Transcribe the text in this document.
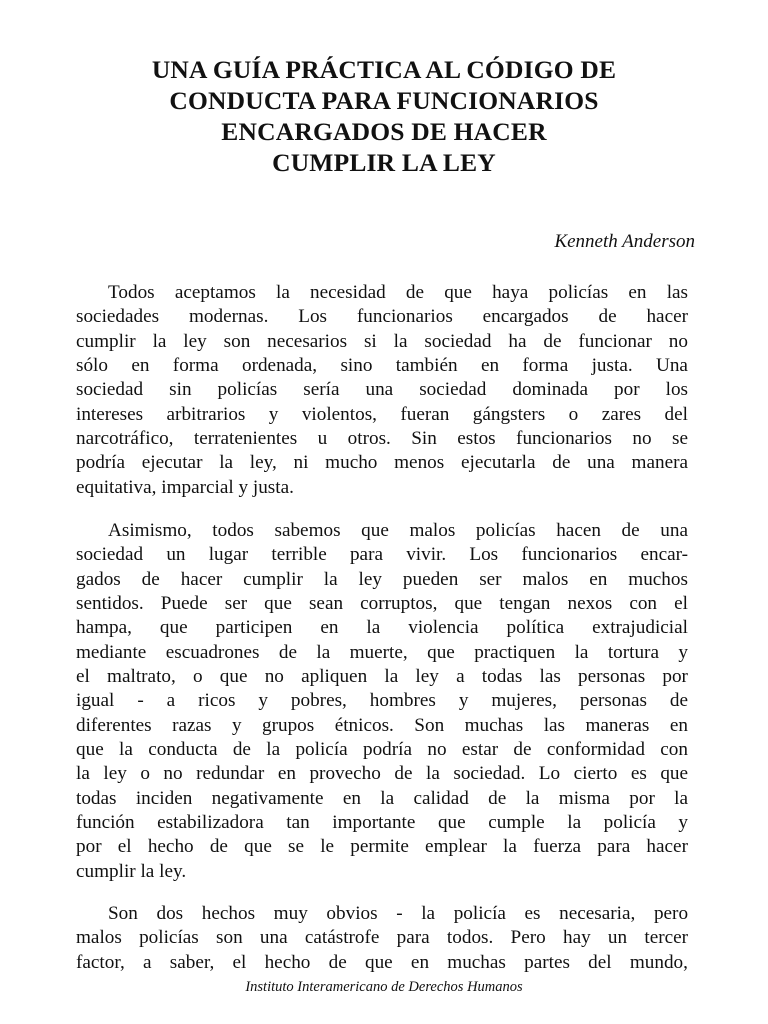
UNA GUÍA PRÁCTICA AL CÓDIGO DE
CONDUCTA PARA FUNCIONARIOS
ENCARGADOS DE HACER
CUMPLIR LA LEY
Kenneth Anderson

Todos aceptamos la necesidad de que haya policías en las
sociedades modernas. Los funcionarios encargados de hacer
cumplir la ley son necesarios si la sociedad ha de funcionar no
sólo en forma ordenada, sino también en forma justa. Una
sociedad sin policías sería una sociedad dominada por los
intereses arbitrarios y violentos, fueran gángsters o zares del
narcotráfico, terratenientes u otros. Sin estos funcionarios no se
podría ejecutar la ley, ni mucho menos ejecutarla de una manera
equitativa, imparcial y justa.

Asimismo, todos sabemos que malos policías hacen de una
sociedad un lugar terrible para vivir. Los funcionarios encar-
gados de hacer cumplir la ley pueden ser malos en muchos
sentidos. Puede ser que sean corruptos, que tengan nexos con el
hampa, que participen en la violencia política extrajudicial
mediante escuadrones de la muerte, que practiquen la tortura y
el maltrato, o que no apliquen la ley a todas las personas por
igual - a ricos y pobres, hombres y mujeres, personas de
diferentes razas y grupos étnicos. Son muchas las maneras en
que la conducta de la policía podría no estar de conformidad con
la ley o no redundar en provecho de la sociedad. Lo cierto es que
todas inciden negativamente en la calidad de la misma por la
función estabilizadora tan importante que cumple la policía y
por el hecho de que se le permite emplear la fuerza para hacer
cumplir la ley.

Son dos hechos muy obvios - la policía es necesaria, pero
malos policías son una catástrofe para todos. Pero hay un tercer
factor, a saber, el hecho de que en muchas partes del mundo,

Instituto Interamericano de Derechos Humanos
